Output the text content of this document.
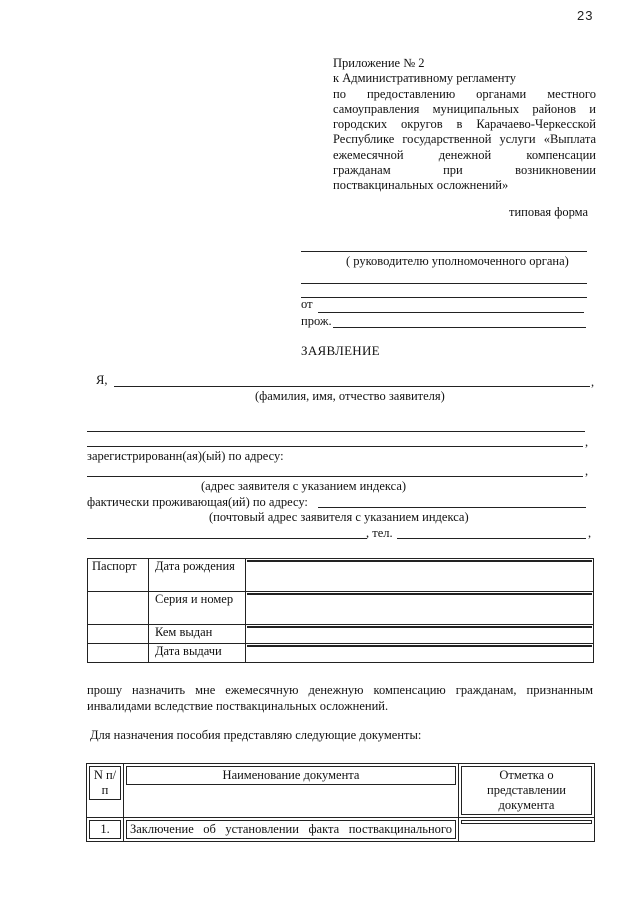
23
Приложение № 2
к Административному регламенту
по предоставлению органами местного
самоуправления муниципальных районов и
городских округов в Карачаево-Черкесской
Республике государственной услуги «Выплата
ежемесячной денежной компенсации
гражданам при возникновении
поствакцинальных осложнений»
типовая форма
( руководителю уполномоченного органа)
от
прож.
ЗАЯВЛЕНИЕ
Я,	,
(фамилия, имя, отчество заявителя)
,
зарегистрированн(ая)(ый) по адресу:
,
(адрес заявителя с указанием индекса)
фактически проживающая(ий) по адресу:
(почтовый адрес заявителя с указанием индекса)
, тел.	,
Паспорт	Дата рождения	

	Серия и номер	

	Кем выдан	

	Дата выдачи	
прошу назначить мне ежемесячную денежную компенсацию гражданам, признанным
инвалидами вследствие поствакцинальных осложнений.
Для назначения пособия представляю следующие документы:
N п/п	Наименование документа	Отметка о представлении документа

1.	Заключение об установлении факта поствакцинального	
